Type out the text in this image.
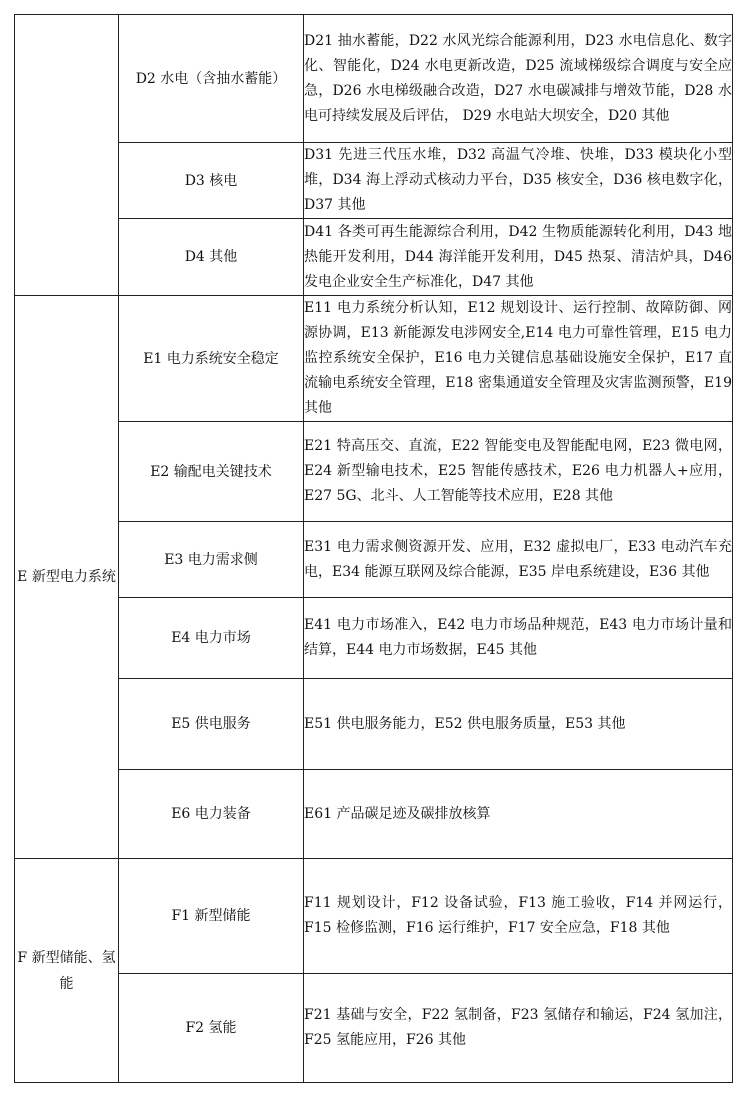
	D2 水电（含抽水蓄能）	D21 抽水蓄能，D22 水风光综合能源利用，D23 水电信息化、数字化、智能化，D24 水电更新改造，D25 流域梯级综合调度与安全应急，D26 水电梯级融合改造，D27 水电碳减排与增效节能，D28 水电可持续发展及后评估， D29 水电站大坝安全，D20 其他
	D3 核电	D31 先进三代压水堆，D32 高温气冷堆、快堆，D33 模块化小型堆，D34 海上浮动式核动力平台，D35 核安全，D36 核电数字化，D37 其他
	D4 其他	D41 各类可再生能源综合利用，D42 生物质能源转化利用，D43 地热能开发利用，D44 海洋能开发利用，D45 热泵、清洁炉具，D46 发电企业安全生产标准化，D47 其他
E 新型电力系统	E1 电力系统安全稳定	E11 电力系统分析认知，E12 规划设计、运行控制、故障防御、网源协调，E13 新能源发电涉网安全,E14 电力可靠性管理，E15 电力监控系统安全保护，E16 电力关键信息基础设施安全保护，E17 直流输电系统安全管理，E18 密集通道安全管理及灾害监测预警，E19 其他
	E2 输配电关键技术	E21 特高压交、直流，E22 智能变电及智能配电网，E23 微电网，E24 新型输电技术，E25 智能传感技术，E26 电力机器人+应用，E27 5G、北斗、人工智能等技术应用，E28 其他
	E3 电力需求侧	E31 电力需求侧资源开发、应用，E32 虚拟电厂，E33 电动汽车充电，E34 能源互联网及综合能源，E35 岸电系统建设，E36 其他
	E4 电力市场	E41 电力市场准入，E42 电力市场品种规范，E43 电力市场计量和结算，E44 电力市场数据，E45 其他
	E5 供电服务	E51 供电服务能力，E52 供电服务质量，E53 其他
	E6 电力装备	E61 产品碳足迹及碳排放核算
F 新型储能、氢能	F1 新型储能	F11 规划设计，F12 设备试验，F13 施工验收，F14 并网运行，F15 检修监测，F16 运行维护，F17 安全应急，F18 其他
	F2 氢能	F21 基础与安全，F22 氢制备，F23 氢储存和输运，F24 氢加注，F25 氢能应用，F26 其他
